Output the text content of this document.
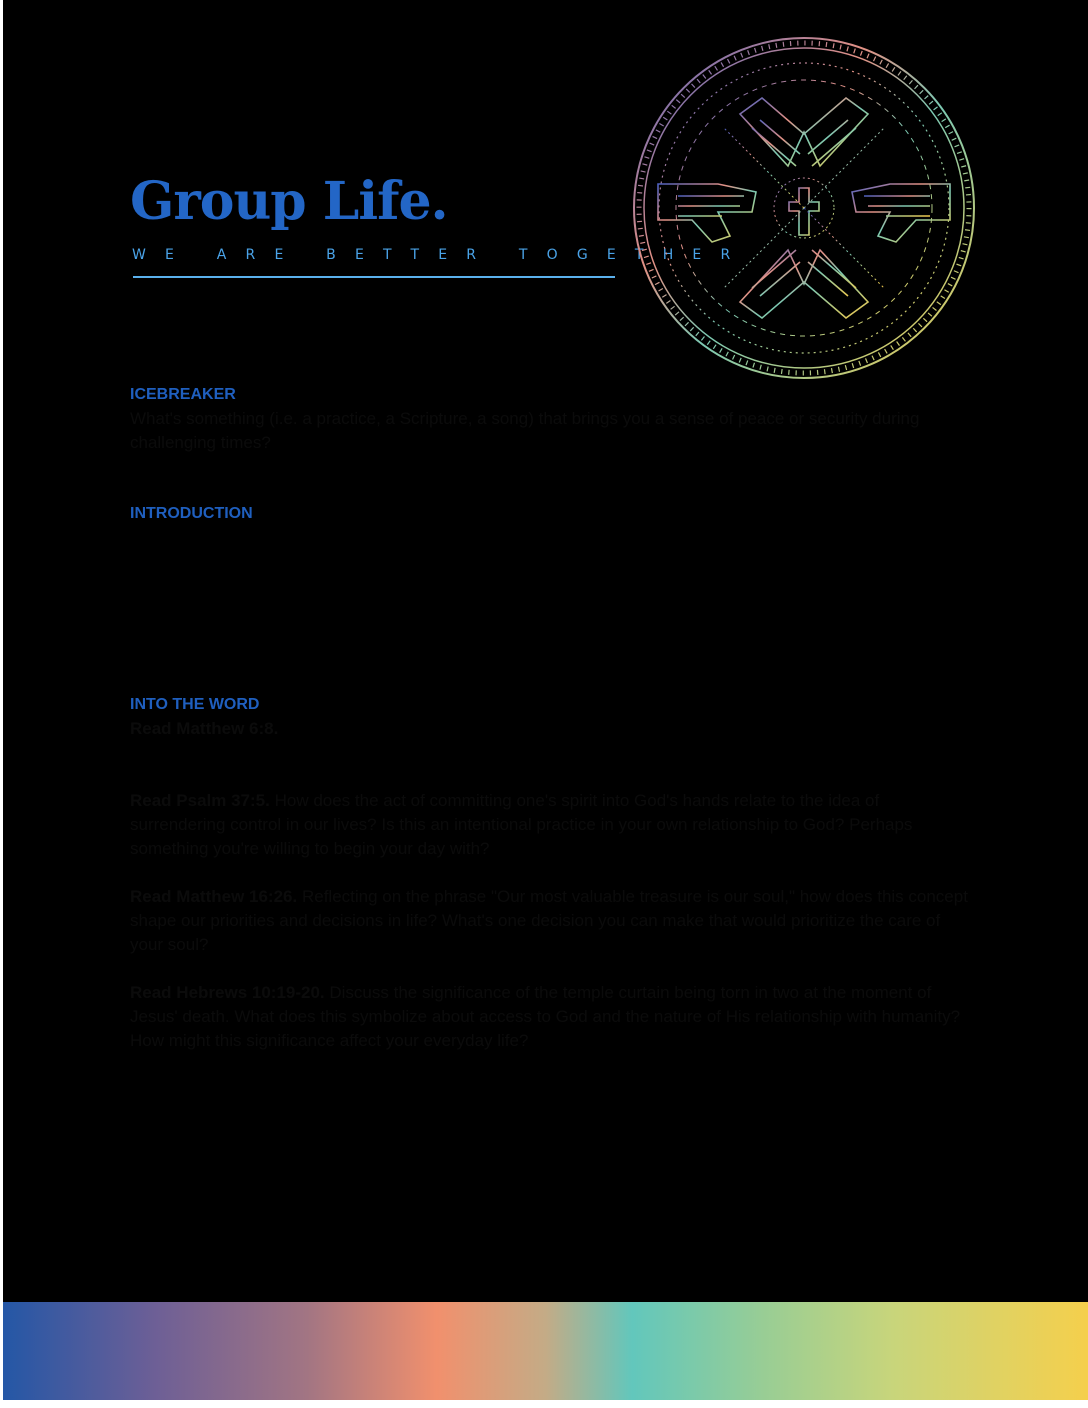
Group Life.
WE ARE BETTER TOGETHER
ICEBREAKER

What's something (i.e. a practice, a Scripture, a song) that brings you a sense of peace or security during challenging times?

INTRODUCTION
INTO THE WORD

Read Matthew 6:8.

Read Psalm 37:5. How does the act of committing one's spirit into God's hands relate to the idea of surrendering control in our lives? Is this an intentional practice in your own relationship to God? Perhaps something you're willing to begin your day with?

Read Matthew 16:26. Reflecting on the phrase "Our most valuable treasure is our soul," how does this concept shape our priorities and decisions in life? What's one decision you can make that would prioritize the care of your soul?

Read Hebrews 10:19-20. Discuss the significance of the temple curtain being torn in two at the moment of Jesus' death. What does this symbolize about access to God and the nature of His relationship with humanity? How might this significance affect your everyday life?
